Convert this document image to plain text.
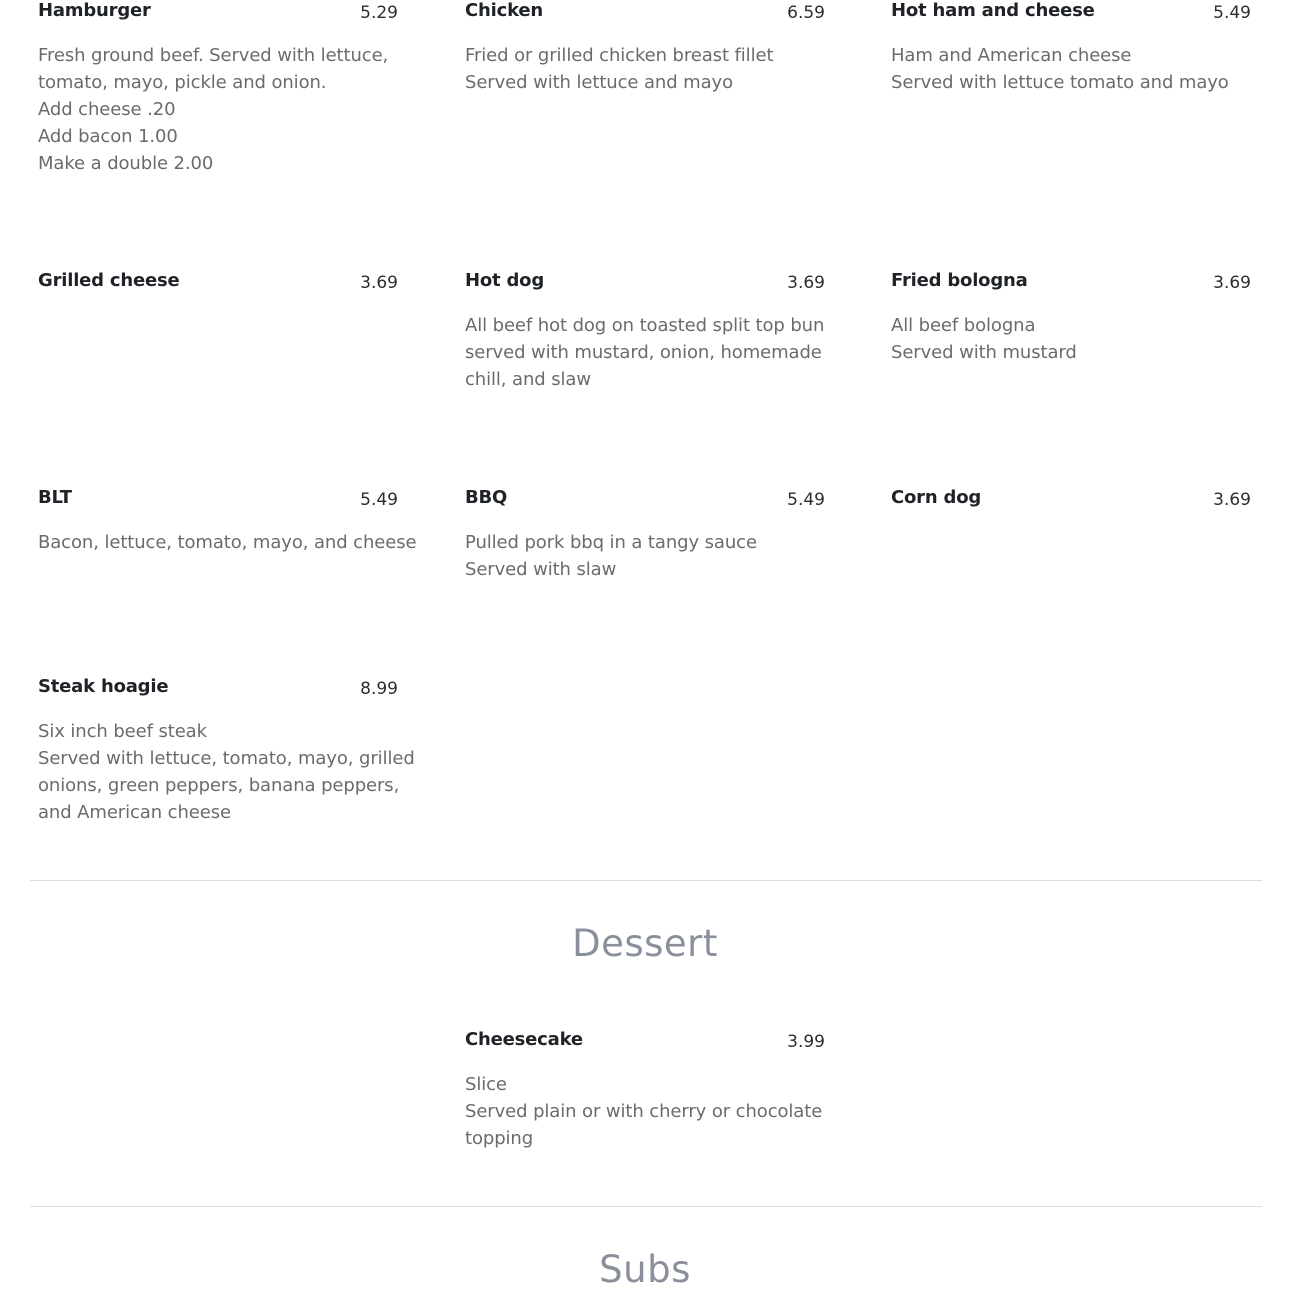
Hamburger	5.29
Fresh ground beef. Served with lettuce,
tomato, mayo, pickle and onion.
Add cheese .20
Add bacon 1.00
Make a double 2.00
Chicken	6.59
Fried or grilled chicken breast fillet
Served with lettuce and mayo
Hot ham and cheese	5.49
Ham and American cheese
Served with lettuce tomato and mayo
Grilled cheese	3.69	Hot dog	3.69
All beef hot dog on toasted split top bun
served with mustard, onion, homemade
chill, and slaw
Fried bologna	3.69
All beef bologna
Served with mustard
BLT	5.49
Bacon, lettuce, tomato, mayo, and cheese
BBQ	5.49
Pulled pork bbq in a tangy sauce
Served with slaw
Corn dog	3.69
Steak hoagie	8.99
Six inch beef steak
Served with lettuce, tomato, mayo, grilled
onions, green peppers, banana peppers,
and American cheese
Dessert
Cheesecake	3.99
Slice
Served plain or with cherry or chocolate
topping
Subs
